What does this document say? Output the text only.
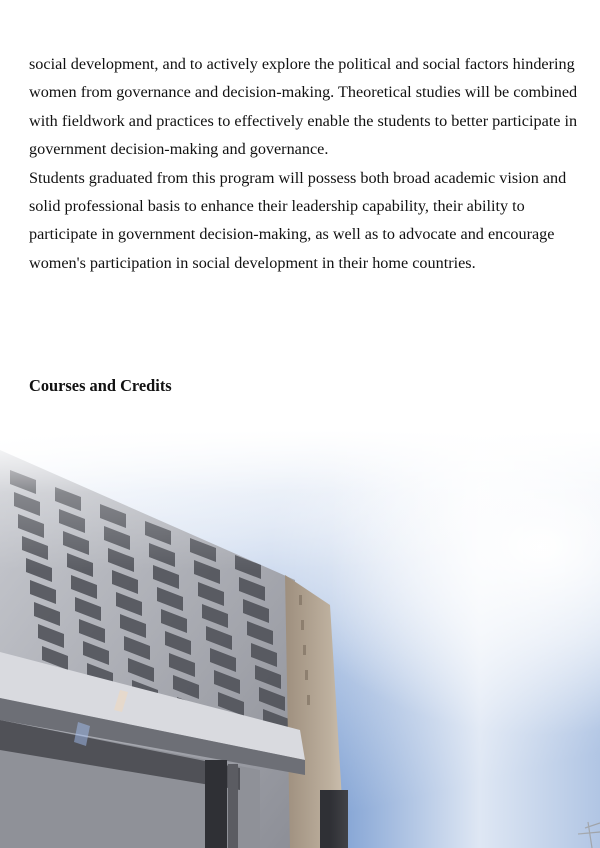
social development, and to actively explore the political and social factors hindering women from governance and decision-making. Theoretical studies will be combined with fieldwork and practices to effectively enable the students to better participate in government decision-making and governance.

Students graduated from this program will possess both broad academic vision and solid professional basis to enhance their leadership capability, their ability to participate in government decision-making, as well as to advocate and encourage women's participation in social development in their home countries.

Courses and Credits
